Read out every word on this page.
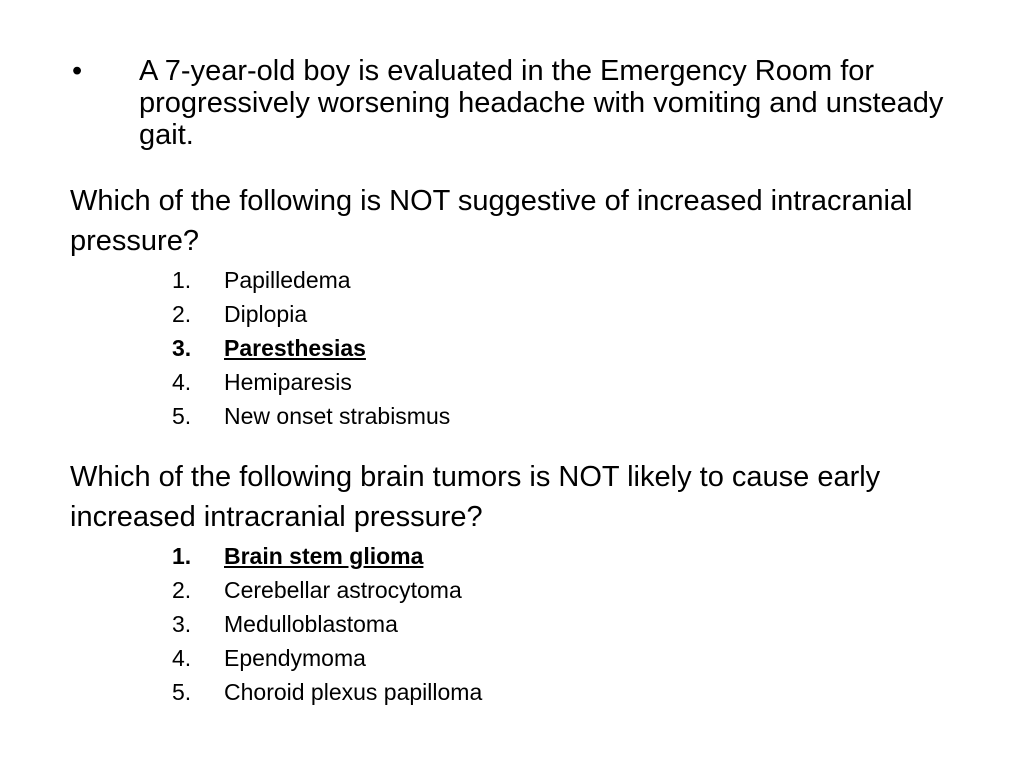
• A 7-year-old boy is evaluated in the Emergency Room for progressively worsening headache with vomiting and unsteady gait.
Which of the following is NOT suggestive of increased intracranial pressure?
1. Papilledema
2. Diplopia
3. Paresthesias
4. Hemiparesis
5. New onset strabismus
Which of the following brain tumors is NOT likely to cause early increased intracranial pressure?
1. Brain stem glioma
2. Cerebellar astrocytoma
3. Medulloblastoma
4. Ependymoma
5. Choroid plexus papilloma
